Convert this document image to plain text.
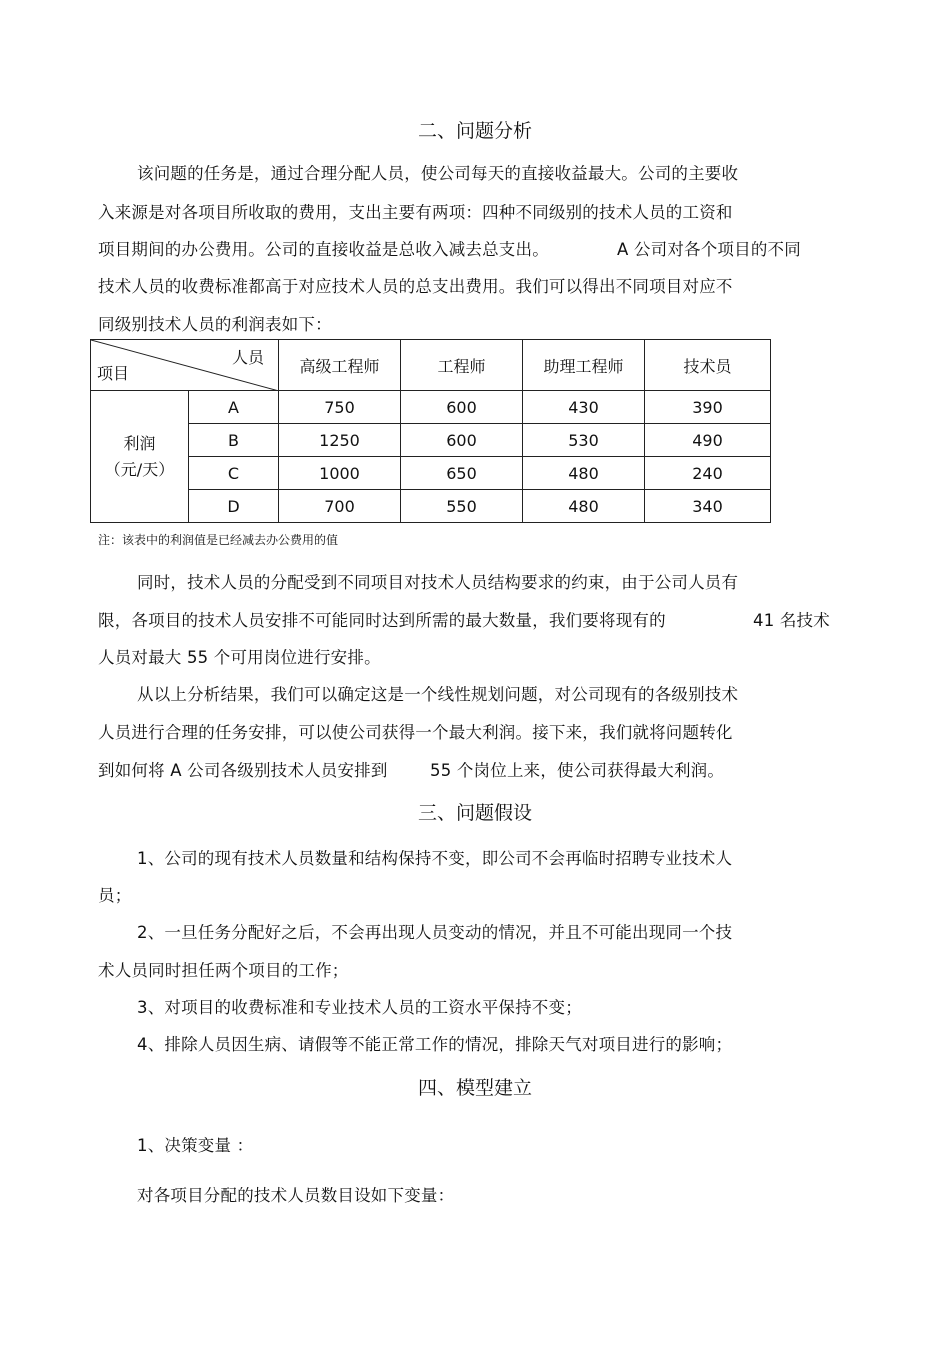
二、问题分析
该问题的任务是，通过合理分配人员，使公司每天的直接收益最大。公司的主要收
入来源是对各项目所收取的费用，支出主要有两项：四种不同级别的技术人员的工资和
项目期间的办公费用。公司的直接收益是总收入减去总支出。	A 公司对各个项目的不同
技术人员的收费标准都高于对应技术人员的总支出费用。我们可以得出不同项目对应不
同级别技术人员的利润表如下：
人员
项目		高级工程师	工程师	助理工程师	技术员

利润
（元/天）	A	750	600	430	390
	B	1250	600	530	490
	C	1000	650	480	240
	D	700	550	480	340
注：该表中的利润值是已经减去办公费用的值
同时，技术人员的分配受到不同项目对技术人员结构要求的约束，由于公司人员有
限，各项目的技术人员安排不可能同时达到所需的最大数量，我们要将现有的	41 名技术
人员对最大 55 个可用岗位进行安排。
从以上分析结果，我们可以确定这是一个线性规划问题，对公司现有的各级别技术
人员进行合理的任务安排，可以使公司获得一个最大利润。接下来，我们就将问题转化
到如何将 A 公司各级别技术人员安排到	55 个岗位上来，使公司获得最大利润。
三、问题假设
1、公司的现有技术人员数量和结构保持不变，即公司不会再临时招聘专业技术人
员；
2、一旦任务分配好之后，不会再出现人员变动的情况，并且不可能出现同一个技
术人员同时担任两个项目的工作；
3、对项目的收费标准和专业技术人员的工资水平保持不变；
4、排除人员因生病、请假等不能正常工作的情况，排除天气对项目进行的影响；
四、模型建立
1、决策变量 ：
对各项目分配的技术人员数目设如下变量：
